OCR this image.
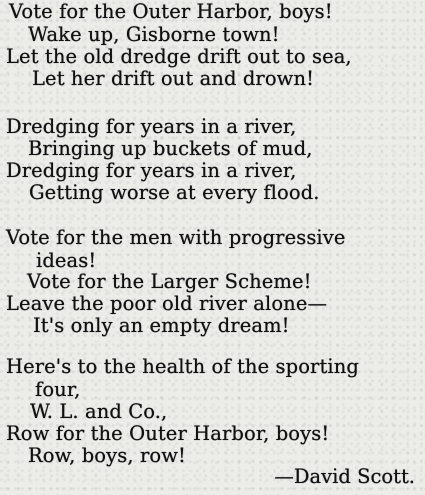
Vote for the Outer Harbor, boys!
Wake up, Gisborne town!
Let the old dredge drift out to sea,
Let her drift out and drown!
Dredging for years in a river,
Bringing up buckets of mud,
Dredging for years in a river,
Getting worse at every flood.
Vote for the men with progressive
ideas!
Vote for the Larger Scheme!
Leave the poor old river alone—
It's only an empty dream!
Here's to the health of the sporting
four,
W. L. and Co.,
Row for the Outer Harbor, boys!
Row, boys, row!
—David Scott.
